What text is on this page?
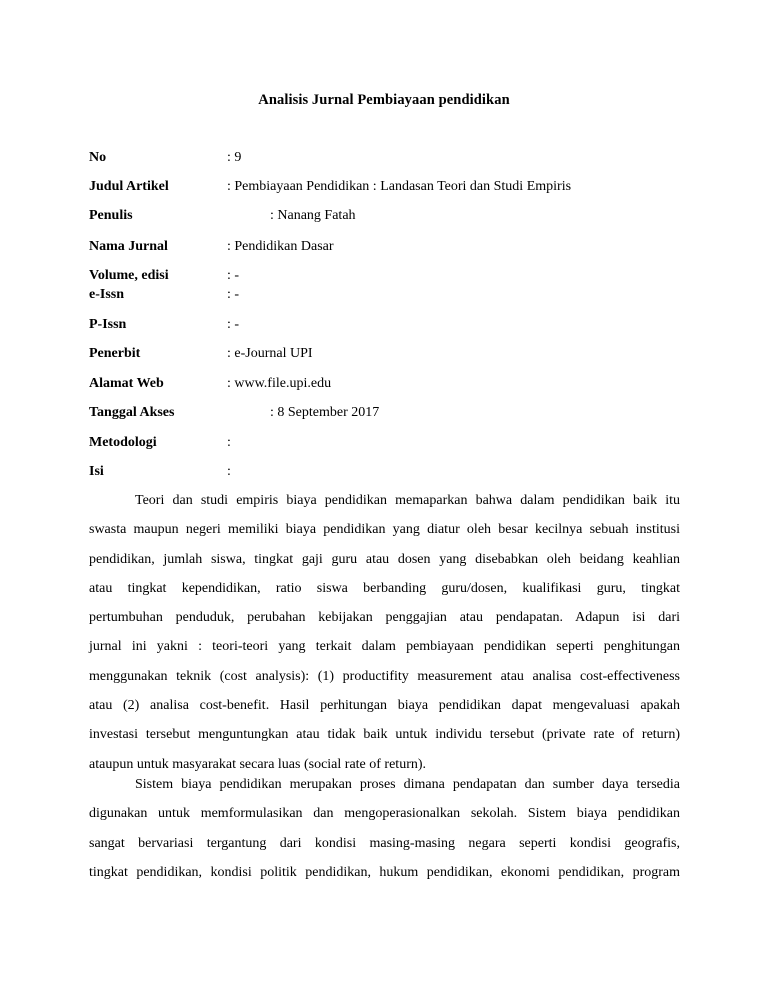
Analisis Jurnal Pembiayaan pendidikan
No	: 9
Judul Artikel	: Pembiayaan Pendidikan : Landasan Teori dan Studi Empiris
Penulis	: Nanang Fatah
Nama Jurnal	: Pendidikan Dasar
Volume, edisi	: -
e-Issn	: -
P-Issn	: -
Penerbit	: e-Journal UPI
Alamat Web	: www.file.upi.edu
Tanggal Akses	: 8 September 2017
Metodologi	:
Isi	:
Teori dan studi empiris biaya pendidikan memaparkan bahwa dalam pendidikan baik itu
swasta maupun negeri memiliki biaya pendidikan yang diatur oleh besar kecilnya sebuah institusi
pendidikan, jumlah siswa, tingkat gaji guru atau dosen yang disebabkan oleh beidang keahlian
atau tingkat kependidikan, ratio siswa berbanding guru/dosen, kualifikasi guru, tingkat
pertumbuhan penduduk, perubahan kebijakan penggajian atau pendapatan. Adapun isi dari
jurnal ini yakni : teori-teori yang terkait dalam pembiayaan pendidikan seperti penghitungan
menggunakan teknik (cost analysis): (1) productifity measurement atau analisa cost-effectiveness
atau (2) analisa cost-benefit. Hasil perhitungan biaya pendidikan dapat mengevaluasi apakah
investasi tersebut menguntungkan atau tidak baik untuk individu tersebut (private rate of return)
ataupun untuk masyarakat secara luas (social rate of return).
Sistem biaya pendidikan merupakan proses dimana pendapatan dan sumber daya tersedia
digunakan untuk memformulasikan dan mengoperasionalkan sekolah. Sistem biaya pendidikan
sangat bervariasi tergantung dari kondisi masing-masing negara seperti kondisi geografis,
tingkat pendidikan, kondisi politik pendidikan, hukum pendidikan, ekonomi pendidikan, program
